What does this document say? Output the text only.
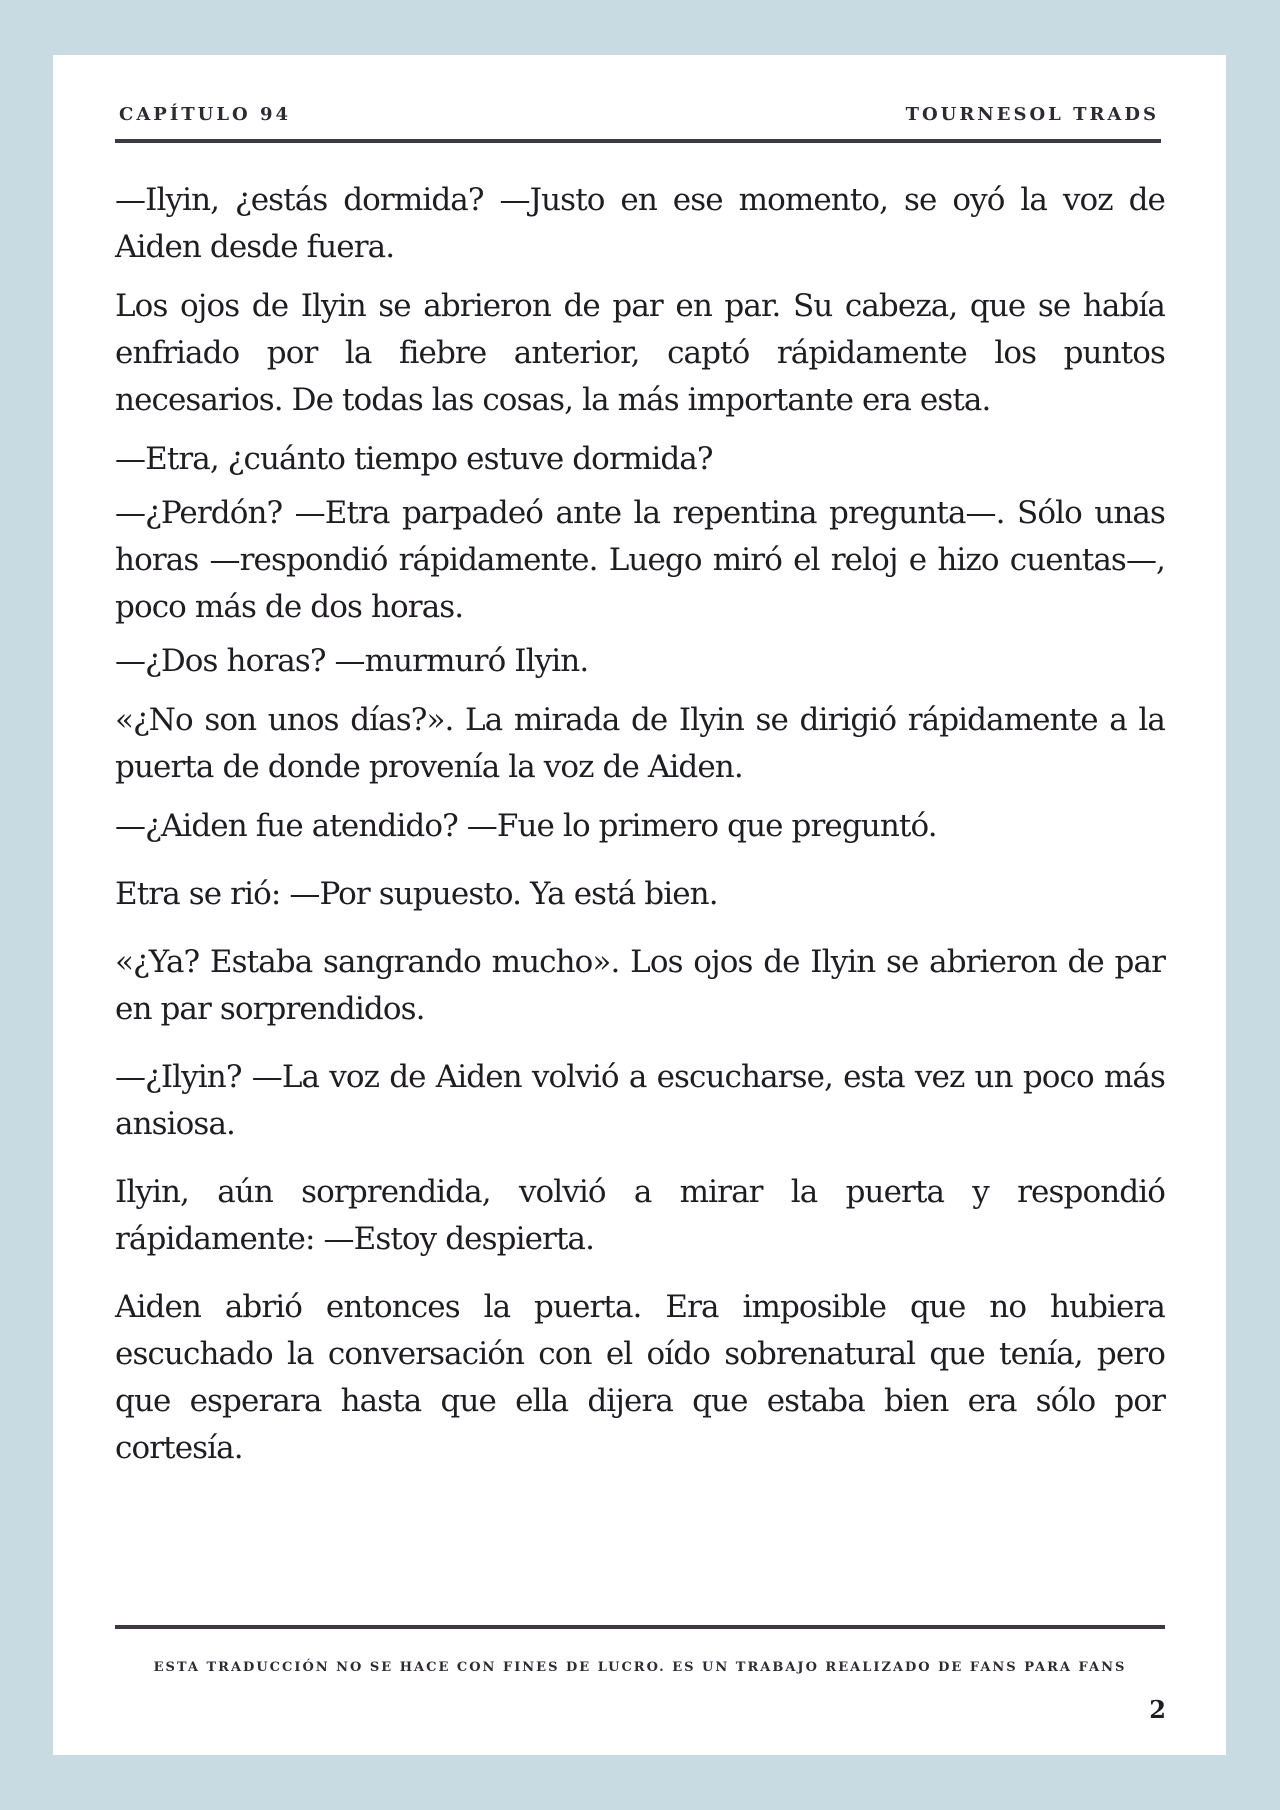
CAPÍTULO 94	TOURNESOL TRADS

—Ilyin, ¿estás dormida? —Justo en ese momento, se oyó la voz de Aiden desde fuera.

Los ojos de Ilyin se abrieron de par en par. Su cabeza, que se había enfriado por la fiebre anterior, captó rápidamente los puntos necesarios. De todas las cosas, la más importante era esta.

—Etra, ¿cuánto tiempo estuve dormida?

—¿Perdón? —Etra parpadeó ante la repentina pregunta—. Sólo unas horas —respondió rápidamente. Luego miró el reloj e hizo cuentas—, poco más de dos horas.

—¿Dos horas? —murmuró Ilyin.

«¿No son unos días?». La mirada de Ilyin se dirigió rápidamente a la puerta de donde provenía la voz de Aiden.

—¿Aiden fue atendido? —Fue lo primero que preguntó.

Etra se rió: —Por supuesto. Ya está bien.

«¿Ya? Estaba sangrando mucho». Los ojos de Ilyin se abrieron de par en par sorprendidos.

—¿Ilyin? —La voz de Aiden volvió a escucharse, esta vez un poco más ansiosa.

Ilyin, aún sorprendida, volvió a mirar la puerta y respondió rápidamente: —Estoy despierta.

Aiden abrió entonces la puerta. Era imposible que no hubiera escuchado la conversación con el oído sobrenatural que tenía, pero que esperara hasta que ella dijera que estaba bien era sólo por cortesía.

ESTA TRADUCCIÓN NO SE HACE CON FINES DE LUCRO. ES UN TRABAJO REALIZADO DE FANS PARA FANS
2
